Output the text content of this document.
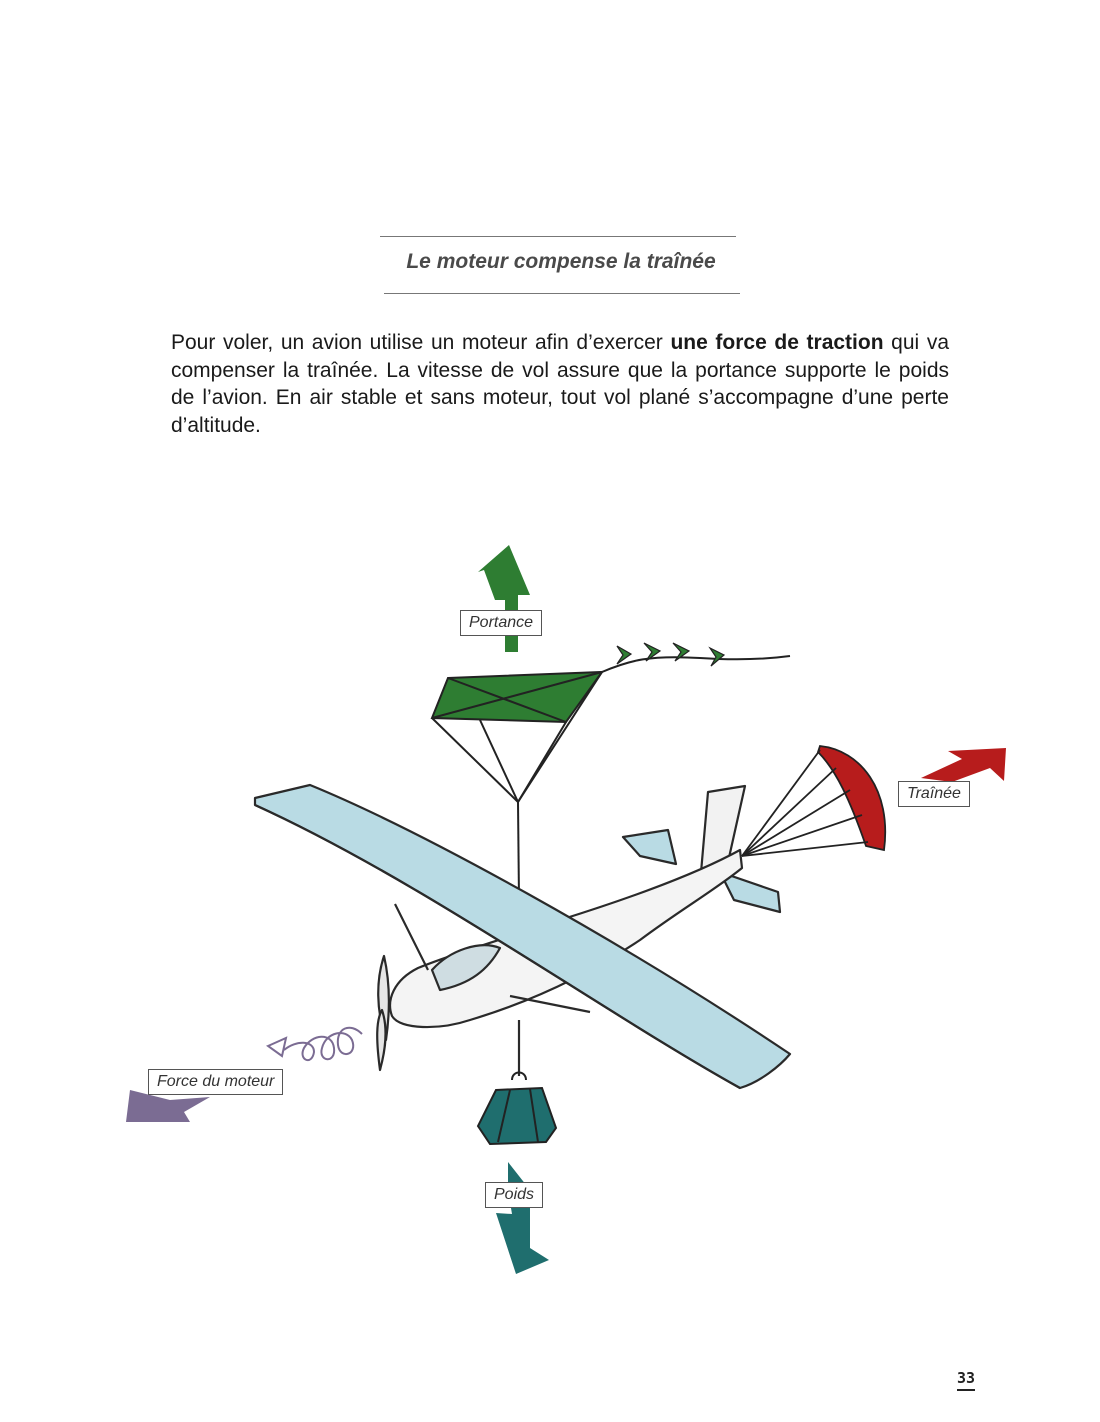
Le moteur compense la traînée

Pour voler, un avion utilise un moteur afin d’exercer une force de traction qui va compenser la traînée. La vitesse de vol assure que la portance supporte le poids de l’avion. En air stable et sans moteur, tout vol plané s’accompagne d’une perte d’altitude.

Portance
Traînée
Force du moteur
Poids
33
